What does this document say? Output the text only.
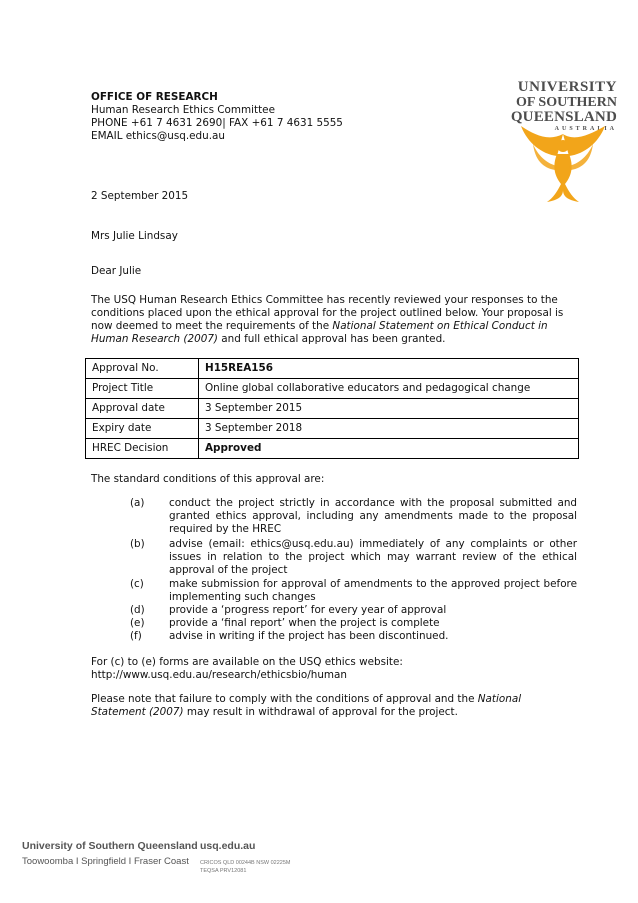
OFFICE OF RESEARCH
Human Research Ethics Committee
PHONE +61 7 4631 2690| FAX +61 7 4631 5555
EMAIL ethics@usq.edu.au
UNIVERSITY
OF SOUTHERN
QUEENSLAND
AUSTRALIA
2 September 2015
Mrs Julie Lindsay
Dear Julie
The USQ Human Research Ethics Committee has recently reviewed your responses to the conditions placed upon the ethical approval for the project outlined below. Your proposal is now deemed to meet the requirements of the National Statement on Ethical Conduct in Human Research (2007) and full ethical approval has been granted.
Approval No.	H15REA156
Project Title	Online global collaborative educators and pedagogical change
Approval date	3 September 2015
Expiry date	3 September 2018
HREC Decision	Approved
The standard conditions of this approval are:
(a) conduct the project strictly in accordance with the proposal submitted and granted ethics approval, including any amendments made to the proposal required by the HREC
(b) advise (email: ethics@usq.edu.au) immediately of any complaints or other issues in relation to the project which may warrant review of the ethical approval of the project
(c) make submission for approval of amendments to the approved project before implementing such changes
(d) provide a ‘progress report’ for every year of approval
(e) provide a ‘final report’ when the project is complete
(f)	advise in writing if the project has been discontinued.
For (c) to (e) forms are available on the USQ ethics website:
http://www.usq.edu.au/research/ethicsbio/human
Please note that failure to comply with the conditions of approval and the National Statement (2007) may result in withdrawal of approval for the project.
University of Southern Queensland
Toowoomba I Springfield I Fraser Coast
usq.edu.au
CRICOS QLD 00244B NSW 02225M
TEQSA PRV12081
